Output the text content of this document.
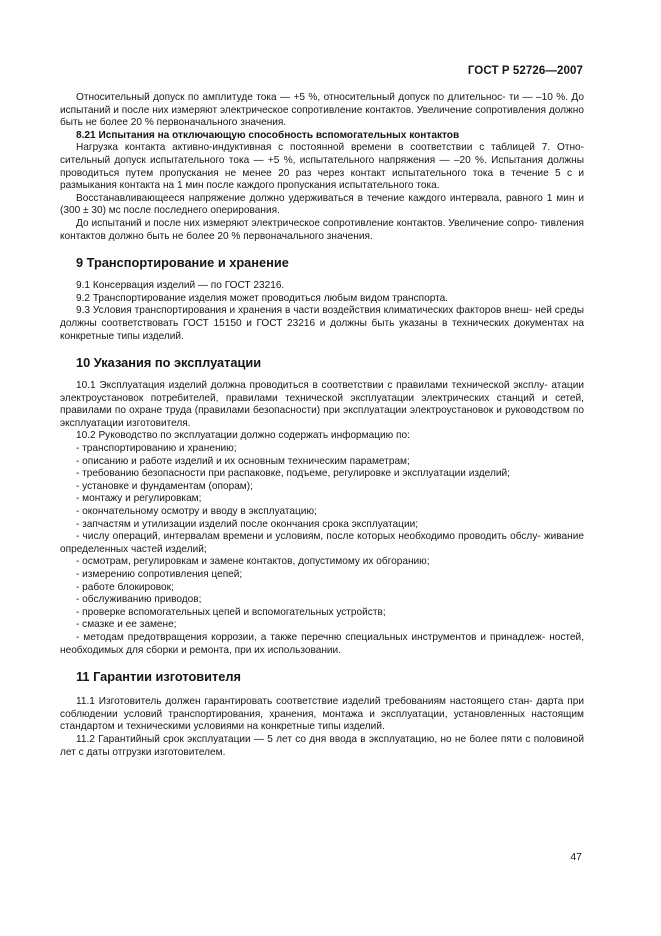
ГОСТ Р 52726—2007

Относительный допуск по амплитуде тока — +5 %, относительный допуск по длительнос- ти — –10 %. До испытаний и после них измеряют электрическое сопротивление контактов. Увеличение сопротивления должно быть не более 20 % первоначального значения.

8.21 Испытания на отключающую способность вспомогательных контактов

Нагрузка контакта активно-индуктивная с постоянной времени в соответствии с таблицей 7. Отно- сительный допуск испытательного тока — +5 %, испытательного напряжения — –20 %. Испытания должны проводиться путем пропускания не менее 20 раз через контакт испытательного тока в течение 5 с и размыкания контакта на 1 мин после каждого пропускания испытательного тока.

Восстанавливающееся напряжение должно удерживаться в течение каждого интервала, равного 1 мин и (300 ± 30) мс после последнего оперирования.

До испытаний и после них измеряют электрическое сопротивление контактов. Увеличение сопро- тивления контактов должно быть не более 20 % первоначального значения.

9 Транспортирование и хранение

9.1 Консервация изделий — по ГОСТ 23216.

9.2 Транспортирование изделия может проводиться любым видом транспорта.

9.3 Условия транспортирования и хранения в части воздействия климатических факторов внеш- ней среды должны соответствовать ГОСТ 15150 и ГОСТ 23216 и должны быть указаны в технических документах на конкретные типы изделий.

10 Указания по эксплуатации

10.1 Эксплуатация изделий должна проводиться в соответствии с правилами технической эксплу- атации электроустановок потребителей, правилами технической эксплуатации электрических станций и сетей, правилами по охране труда (правилами безопасности) при эксплуатации электроустановок и руководством по эксплуатации изготовителя.

10.2 Руководство по эксплуатации должно содержать информацию по:

- транспортированию и хранению;

- описанию и работе изделий и их основным техническим параметрам;

- требованию безопасности при распаковке, подъеме, регулировке и эксплуатации изделий;

- установке и фундаментам (опорам);

- монтажу и регулировкам;

- окончательному осмотру и вводу в эксплуатацию;

- запчастям и утилизации изделий после окончания срока эксплуатации;

- числу операций, интервалам времени и условиям, после которых необходимо проводить обслу- живание определенных частей изделий;

- осмотрам, регулировкам и замене контактов, допустимому их обгоранию;

- измерению сопротивления цепей;

- работе блокировок;

- обслуживанию приводов;

- проверке вспомогательных цепей и вспомогательных устройств;

- смазке и ее замене;

- методам предотвращения коррозии, а также перечню специальных инструментов и принадлеж- ностей, необходимых для сборки и ремонта, при их использовании.

11 Гарантии изготовителя

11.1 Изготовитель должен гарантировать соответствие изделий требованиям настоящего стан- дарта при соблюдении условий транспортирования, хранения, монтажа и эксплуатации, установленных настоящим стандартом и техническими условиями на конкретные типы изделий.

11.2 Гарантийный срок эксплуатации — 5 лет со дня ввода в эксплуатацию, но не более пяти с половиной лет с даты отгрузки изготовителем.

47
